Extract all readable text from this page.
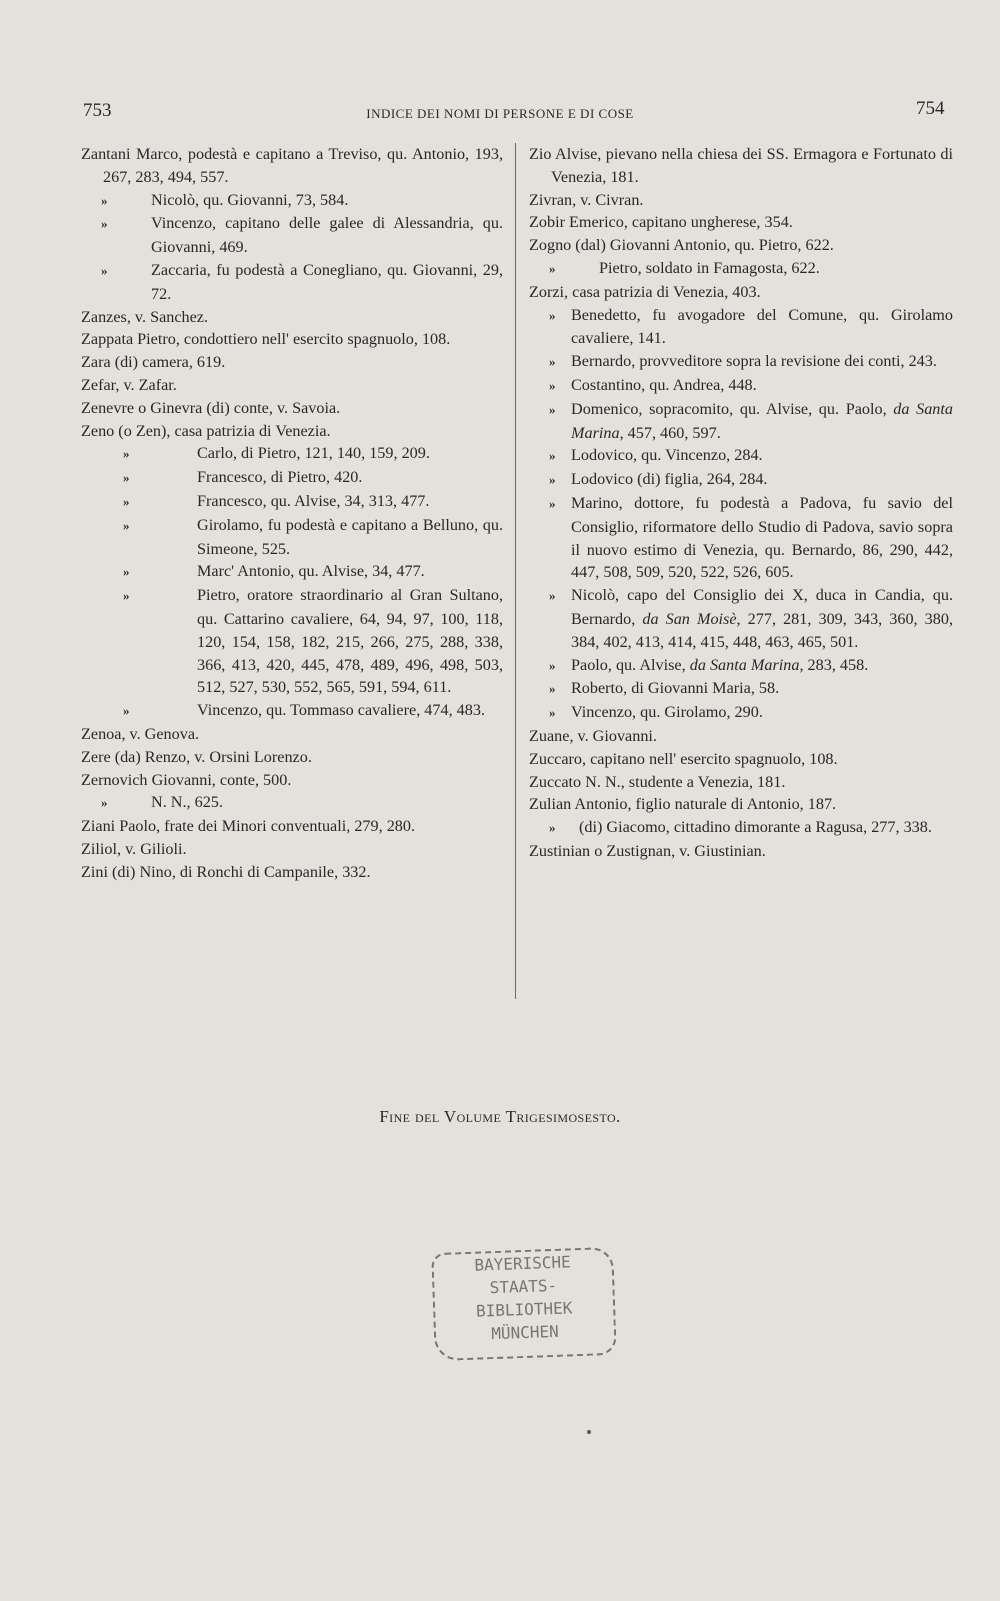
753	INDICE DEI NOMI DI PERSONE E DI COSE	754
Zantani Marco, podestà e capitano a Treviso, qu. Antonio, 193, 267, 283, 494, 557.
»	Nicolò, qu. Giovanni, 73, 584.
»	Vincenzo, capitano delle galee di Alessandria, qu. Giovanni, 469.
»	Zaccaria, fu podestà a Conegliano, qu. Giovanni, 29, 72.
Zanzes, v. Sanchez.
Zappata Pietro, condottiero nell' esercito spagnuolo, 108.
Zara (di) camera, 619.
Zefar, v. Zafar.
Zenevre o Ginevra (di) conte, v. Savoia.
Zeno (o Zen), casa patrizia di Venezia.
»	Carlo, di Pietro, 121, 140, 159, 209.
»	Francesco, di Pietro, 420.
»	Francesco, qu. Alvise, 34, 313, 477.
»	Girolamo, fu podestà e capitano a Belluno, qu. Simeone, 525.
»	Marc' Antonio, qu. Alvise, 34, 477.
»	Pietro, oratore straordinario al Gran Sultano, qu. Cattarino cavaliere, 64, 94, 97, 100, 118, 120, 154, 158, 182, 215, 266, 275, 288, 338, 366, 413, 420, 445, 478, 489, 496, 498, 503, 512, 527, 530, 552, 565, 591, 594, 611.
»	Vincenzo, qu. Tommaso cavaliere, 474, 483.
Zenoa, v. Genova.
Zere (da) Renzo, v. Orsini Lorenzo.
Zernovich Giovanni, conte, 500.
»	N. N., 625.
Ziani Paolo, frate dei Minori conventuali, 279, 280.
Ziliol, v. Gilioli.
Zini (di) Nino, di Ronchi di Campanile, 332.
Zio Alvise, pievano nella chiesa dei SS. Ermagora e Fortunato di Venezia, 181.
Zivran, v. Civran.
Zobir Emerico, capitano ungherese, 354.
Zogno (dal) Giovanni Antonio, qu. Pietro, 622.
»	Pietro, soldato in Famagosta, 622.
Zorzi, casa patrizia di Venezia, 403.
» Benedetto, fu avogadore del Comune, qu. Girolamo cavaliere, 141.
» Bernardo, provveditore sopra la revisione dei conti, 243.
» Costantino, qu. Andrea, 448.
» Domenico, sopracomito, qu. Alvise, qu. Paolo, da Santa Marina, 457, 460, 597.
» Lodovico, qu. Vincenzo, 284.
» Lodovico (di) figlia, 264, 284.
» Marino, dottore, fu podestà a Padova, fu savio del Consiglio, riformatore dello Studio di Padova, savio sopra il nuovo estimo di Venezia, qu. Bernardo, 86, 290, 442, 447, 508, 509, 520, 522, 526, 605.
» Nicolò, capo del Consiglio dei X, duca in Candia, qu. Bernardo, da San Moisè, 277, 281, 309, 343, 360, 380, 384, 402, 413, 414, 415, 448, 463, 465, 501.
» Paolo, qu. Alvise, da Santa Marina, 283, 458.
» Roberto, di Giovanni Maria, 58.
» Vincenzo, qu. Girolamo, 290.
Zuane, v. Giovanni.
Zuccaro, capitano nell' esercito spagnuolo, 108.
Zuccato N. N., studente a Venezia, 181.
Zulian Antonio, figlio naturale di Antonio, 187.
» (di) Giacomo, cittadino dimorante a Ragusa, 277, 338.
Zustinian o Zustignan, v. Giustinian.
Fine del Volume Trigesimosesto.
BAYERISCHE
STAATS-
BIBLIOTHEK
MÜNCHEN
